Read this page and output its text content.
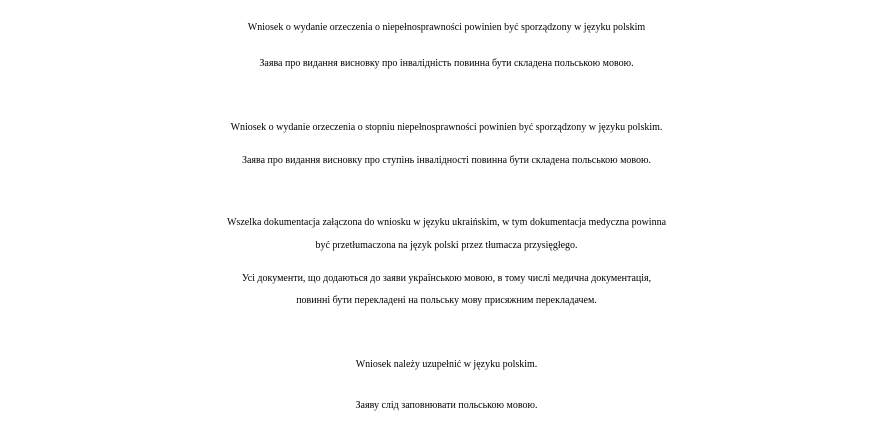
Wniosek o wydanie orzeczenia o niepełnosprawności powinien być sporządzony w języku polskim
Заява про видання висновку про інвалідність повинна бути складена польською мовою.
Wniosek o wydanie orzeczenia o stopniu niepełnosprawności powinien być sporządzony w języku polskim.
Заява про видання висновку про ступінь інвалідності повинна бути складена польською мовою.
Wszelka dokumentacja załączona do wniosku w języku ukraińskim, w tym dokumentacja medyczna powinna
być przetłumaczona na język polski przez tłumacza przysięgłego.
Усі документи, що додаються до заяви українською мовою, в тому числі медична документація,
повинні бути перекладені на польську мову присяжним перекладачем.
Wniosek należy uzupełnić w języku polskim.
Заяву слід заповнювати польською мовою.
